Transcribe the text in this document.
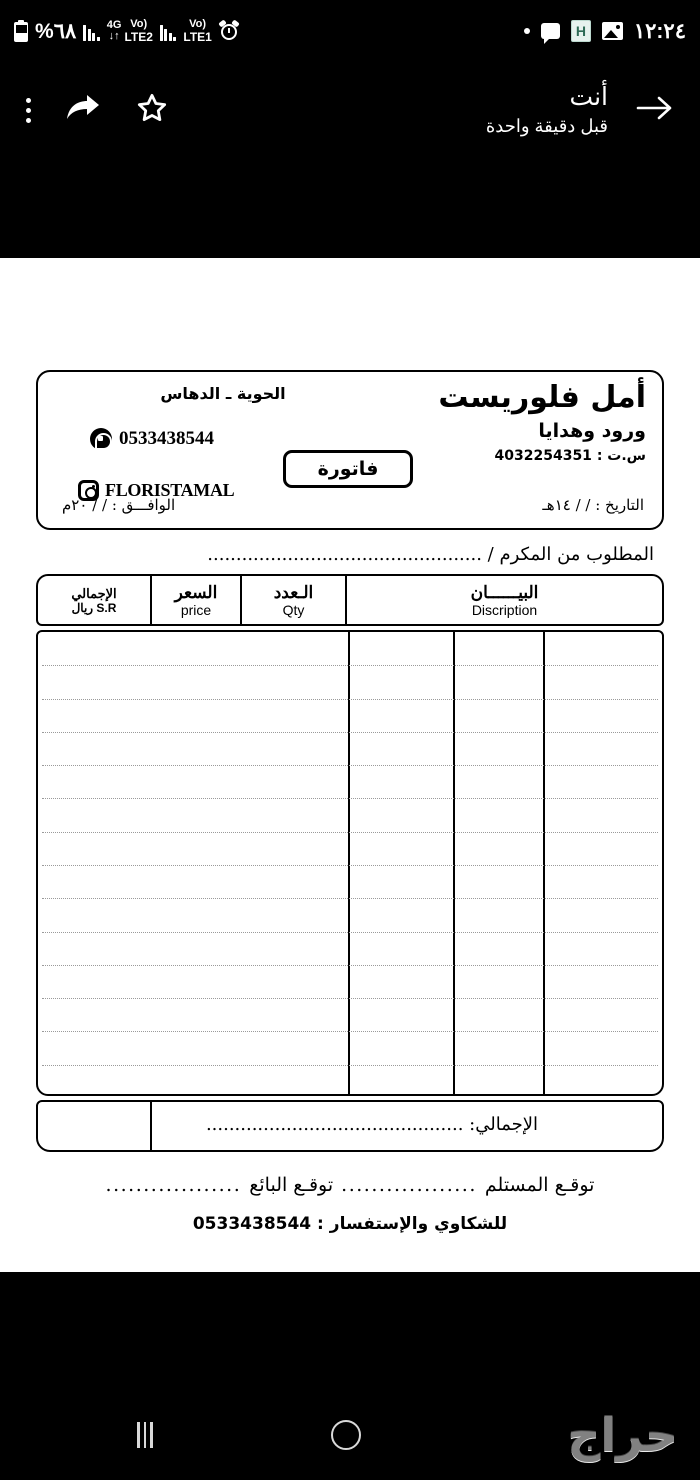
%٦٨	4G
↓↑
Vo)
LTE2
Vo)
LTE1	H ١٢:٢٤
أنت
قبل دقيقة واحدة
أمل فلوريست
ورود وهدايا
س.ت : 4032254351
الحوية ـ الدهاس
0533438544
FLORISTAMAL
فاتورة
التاريخ : / / ١٤هـ
الوافـــق : / / ٢٠م
المطلوب من المكرم / ................................................
البيــــــان
Discription
الـعدد
Qty
السعر
price
الإجمالي
S.R ريال
الإجمالي: .............................................
توقـع المستلم
..................
توقـع البائع
..................
للشكاوي والإستفسار : 0533438544
حراج
